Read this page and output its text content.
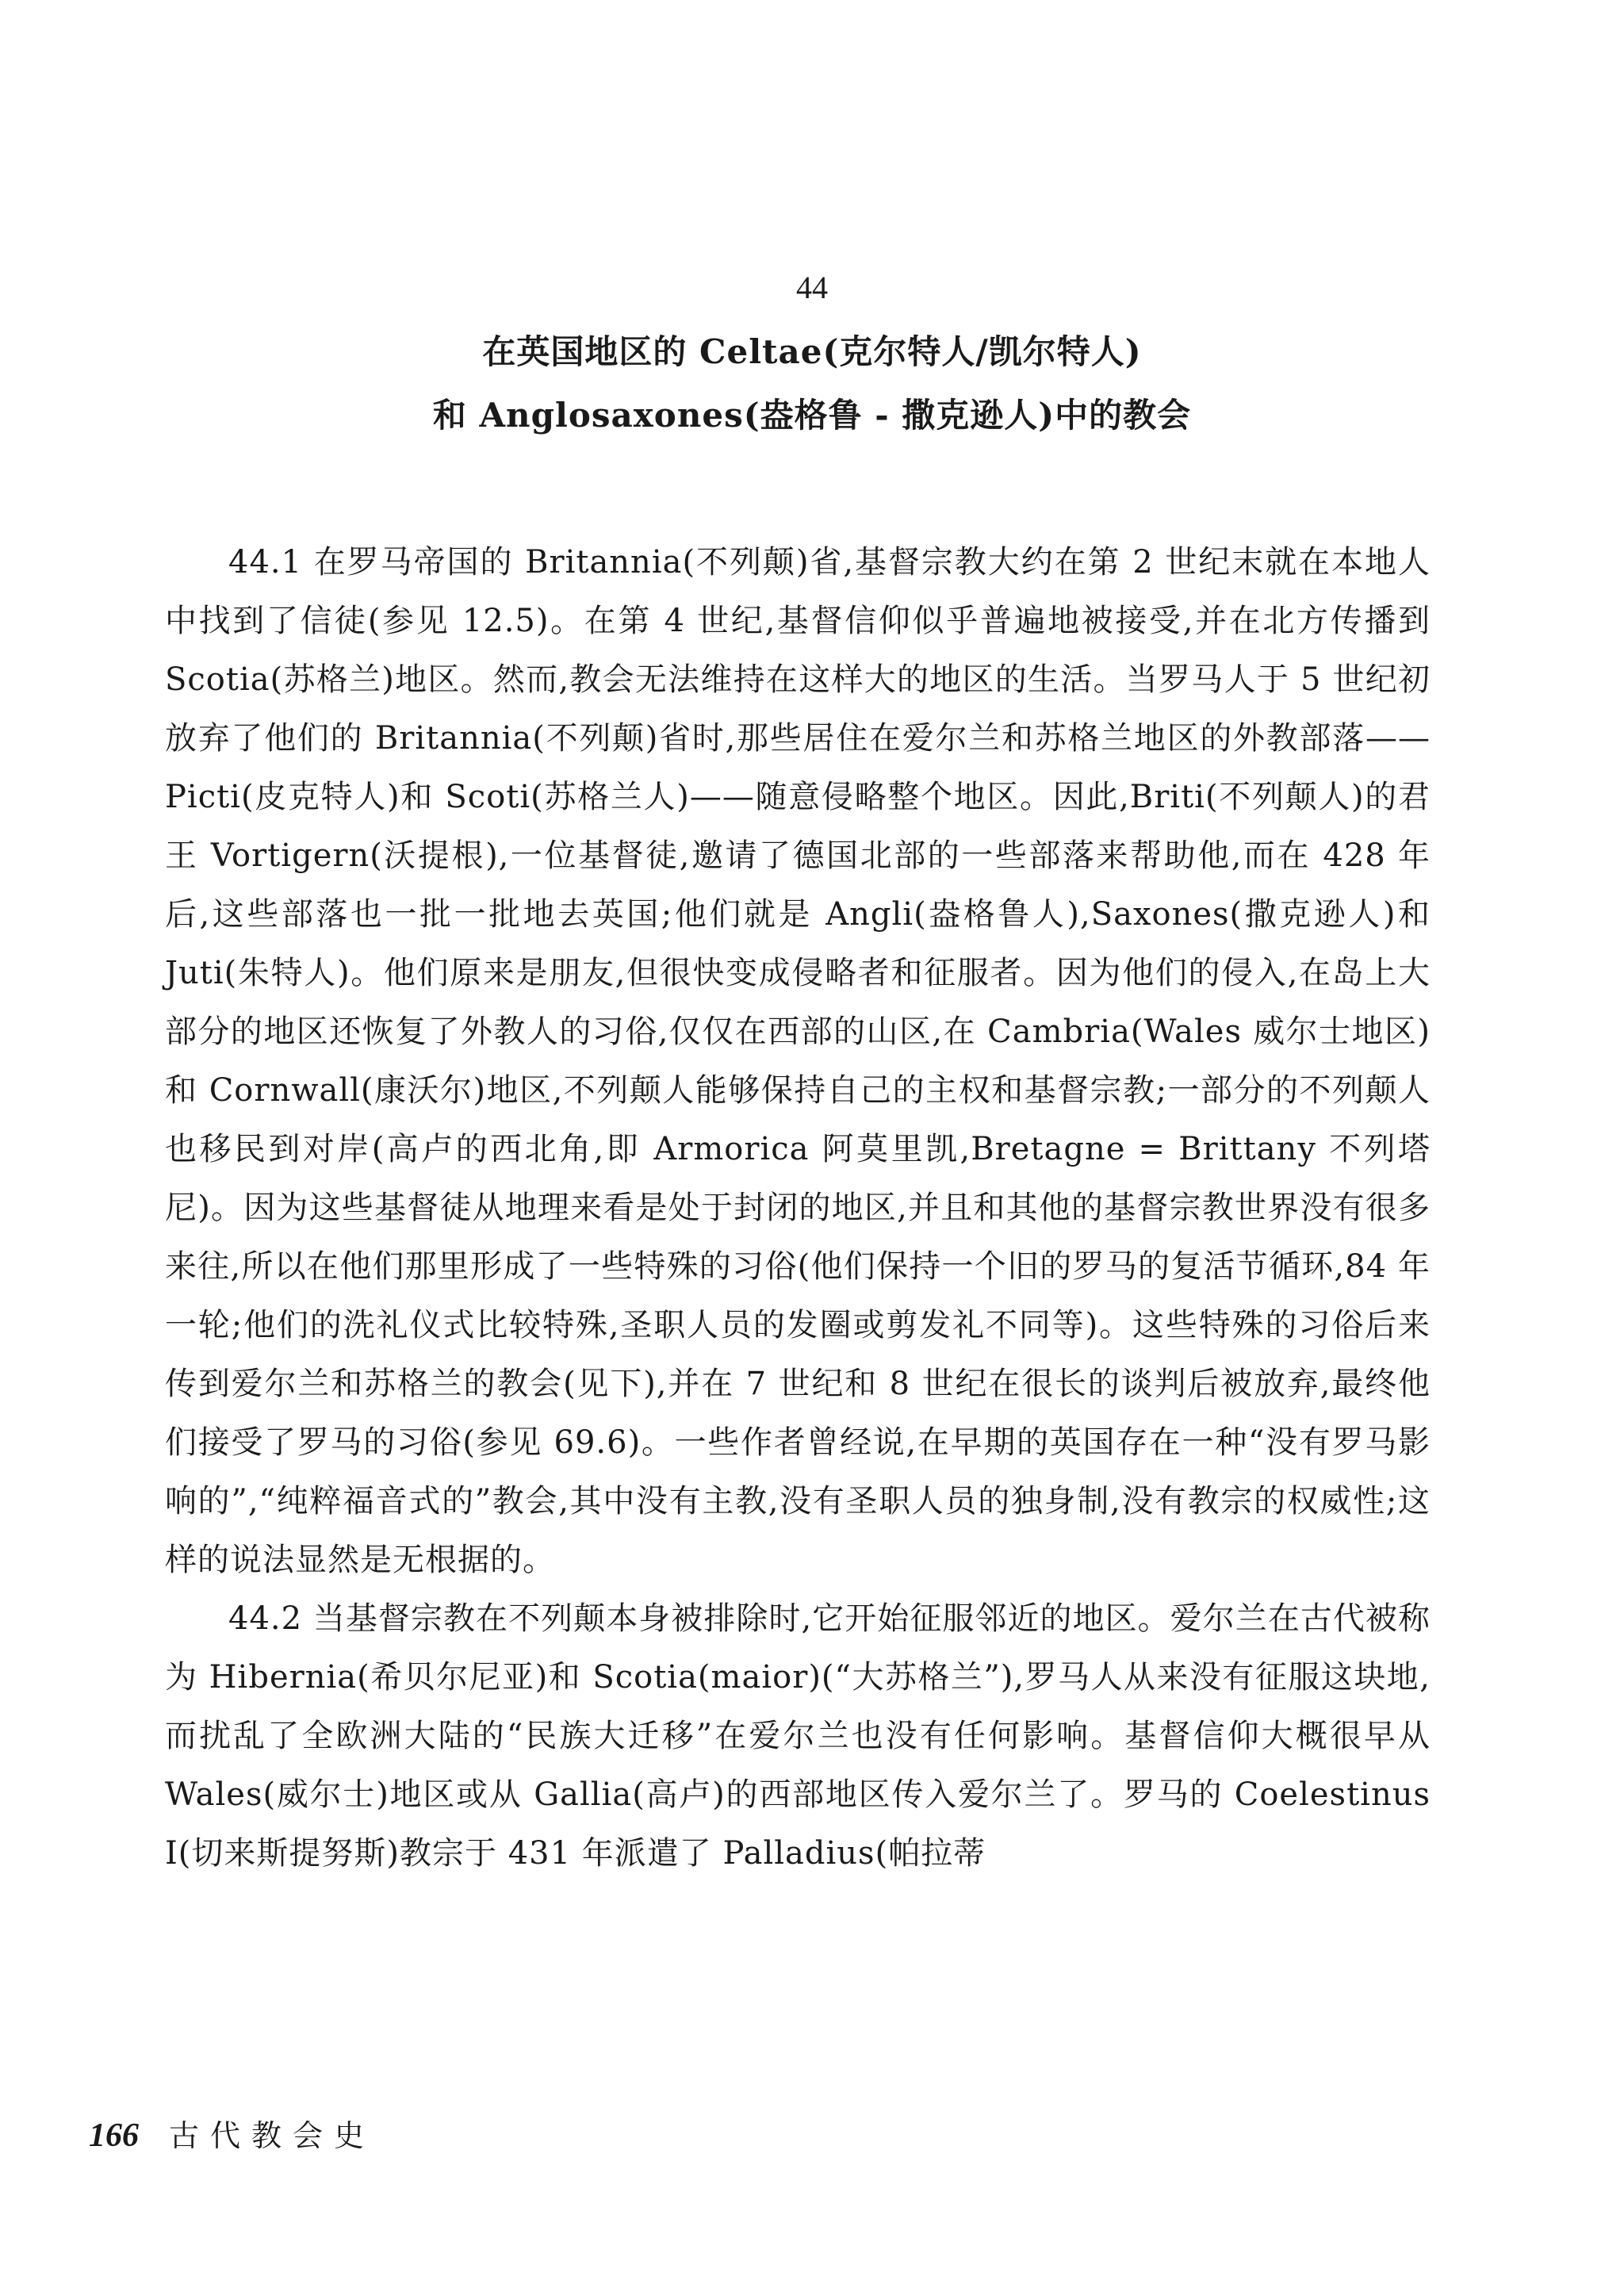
44
在英国地区的 Celtae(克尔特人/凯尔特人)
和 Anglosaxones(盎格鲁 - 撒克逊人)中的教会

44.1 在罗马帝国的 Britannia(不列颠)省,基督宗教大约在第 2 世纪末就在本地人中找到了信徒(参见 12.5)。在第 4 世纪,基督信仰似乎普遍地被接受,并在北方传播到 Scotia(苏格兰)地区。然而,教会无法维持在这样大的地区的生活。当罗马人于 5 世纪初放弃了他们的 Britannia(不列颠)省时,那些居住在爱尔兰和苏格兰地区的外教部落——Picti(皮克特人)和 Scoti(苏格兰人)——随意侵略整个地区。因此,Briti(不列颠人)的君王 Vortigern(沃提根),一位基督徒,邀请了德国北部的一些部落来帮助他,而在 428 年后,这些部落也一批一批地去英国;他们就是 Angli(盎格鲁人),Saxones(撒克逊人)和 Juti(朱特人)。他们原来是朋友,但很快变成侵略者和征服者。因为他们的侵入,在岛上大部分的地区还恢复了外教人的习俗,仅仅在西部的山区,在 Cambria(Wales 威尔士地区)和 Cornwall(康沃尔)地区,不列颠人能够保持自己的主权和基督宗教;一部分的不列颠人也移民到对岸(高卢的西北角,即 Armorica 阿莫里凯,Bretagne = Brittany 不列塔尼)。因为这些基督徒从地理来看是处于封闭的地区,并且和其他的基督宗教世界没有很多来往,所以在他们那里形成了一些特殊的习俗(他们保持一个旧的罗马的复活节循环,84 年一轮;他们的洗礼仪式比较特殊,圣职人员的发圈或剪发礼不同等)。这些特殊的习俗后来传到爱尔兰和苏格兰的教会(见下),并在 7 世纪和 8 世纪在很长的谈判后被放弃,最终他们接受了罗马的习俗(参见 69.6)。一些作者曾经说,在早期的英国存在一种“没有罗马影响的”,“纯粹福音式的”教会,其中没有主教,没有圣职人员的独身制,没有教宗的权威性;这样的说法显然是无根据的。

44.2 当基督宗教在不列颠本身被排除时,它开始征服邻近的地区。爱尔兰在古代被称为 Hibernia(希贝尔尼亚)和 Scotia(maior)(“大苏格兰”),罗马人从来没有征服这块地,而扰乱了全欧洲大陆的“民族大迁移”在爱尔兰也没有任何影响。基督信仰大概很早从 Wales(威尔士)地区或从 Gallia(高卢)的西部地区传入爱尔兰了。罗马的 Coelestinus I(切来斯提努斯)教宗于 431 年派遣了 Palladius(帕拉蒂

166 古代教会史
